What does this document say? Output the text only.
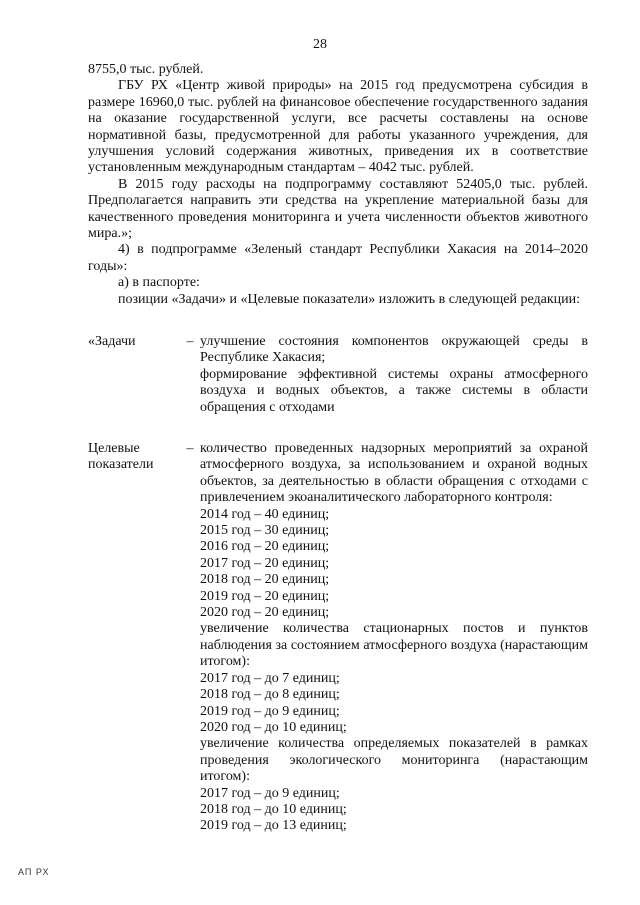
28

8755,0 тыс. рублей.

ГБУ РХ «Центр живой природы» на 2015 год предусмотрена субсидия в размере 16960,0 тыс. рублей на финансовое обеспечение государственного задания на оказание государственной услуги, все расчеты составлены на основе нормативной базы, предусмотренной для работы указанного учреждения, для улучшения условий содержания животных, приведения их в соответствие установленным международным стандартам – 4042 тыс. рублей.

В 2015 году расходы на подпрограмму составляют 52405,0 тыс. рублей. Предполагается направить эти средства на укрепление материальной базы для качественного проведения мониторинга и учета численности объектов животного мира.»;

4) в подпрограмме «Зеленый стандарт Республики Хакасия на 2014–2020 годы»:

а) в паспорте:

позиции «Задачи» и «Целевые показатели» изложить в следующей редакции:

«Задачи	– улучшение состояния компонентов окружающей среды в Республике Хакасия;
формирование эффективной системы охраны атмосферного воздуха и водных объектов, а также системы в области обращения с отходами
Целевые показатели
– количество проведенных надзорных мероприятий за охраной атмосферного воздуха, за использованием и охраной водных объектов, за деятельностью в области обращения с отходами с привлечением экоаналитического лабораторного контроля:
2014 год – 40 единиц;
2015 год – 30 единиц;
2016 год – 20 единиц;
2017 год – 20 единиц;
2018 год – 20 единиц;
2019 год – 20 единиц;
2020 год – 20 единиц;
увеличение количества стационарных постов и пунктов наблюдения за состоянием атмосферного воздуха (нарастающим итогом):
2017 год – до 7 единиц;
2018 год – до 8 единиц;
2019 год – до 9 единиц;
2020 год – до 10 единиц;
увеличение количества определяемых показателей в рамках проведения экологического мониторинга (нарастающим итогом):
2017 год – до 9 единиц;
2018 год – до 10 единиц;
2019 год – до 13 единиц;
АП РХ
